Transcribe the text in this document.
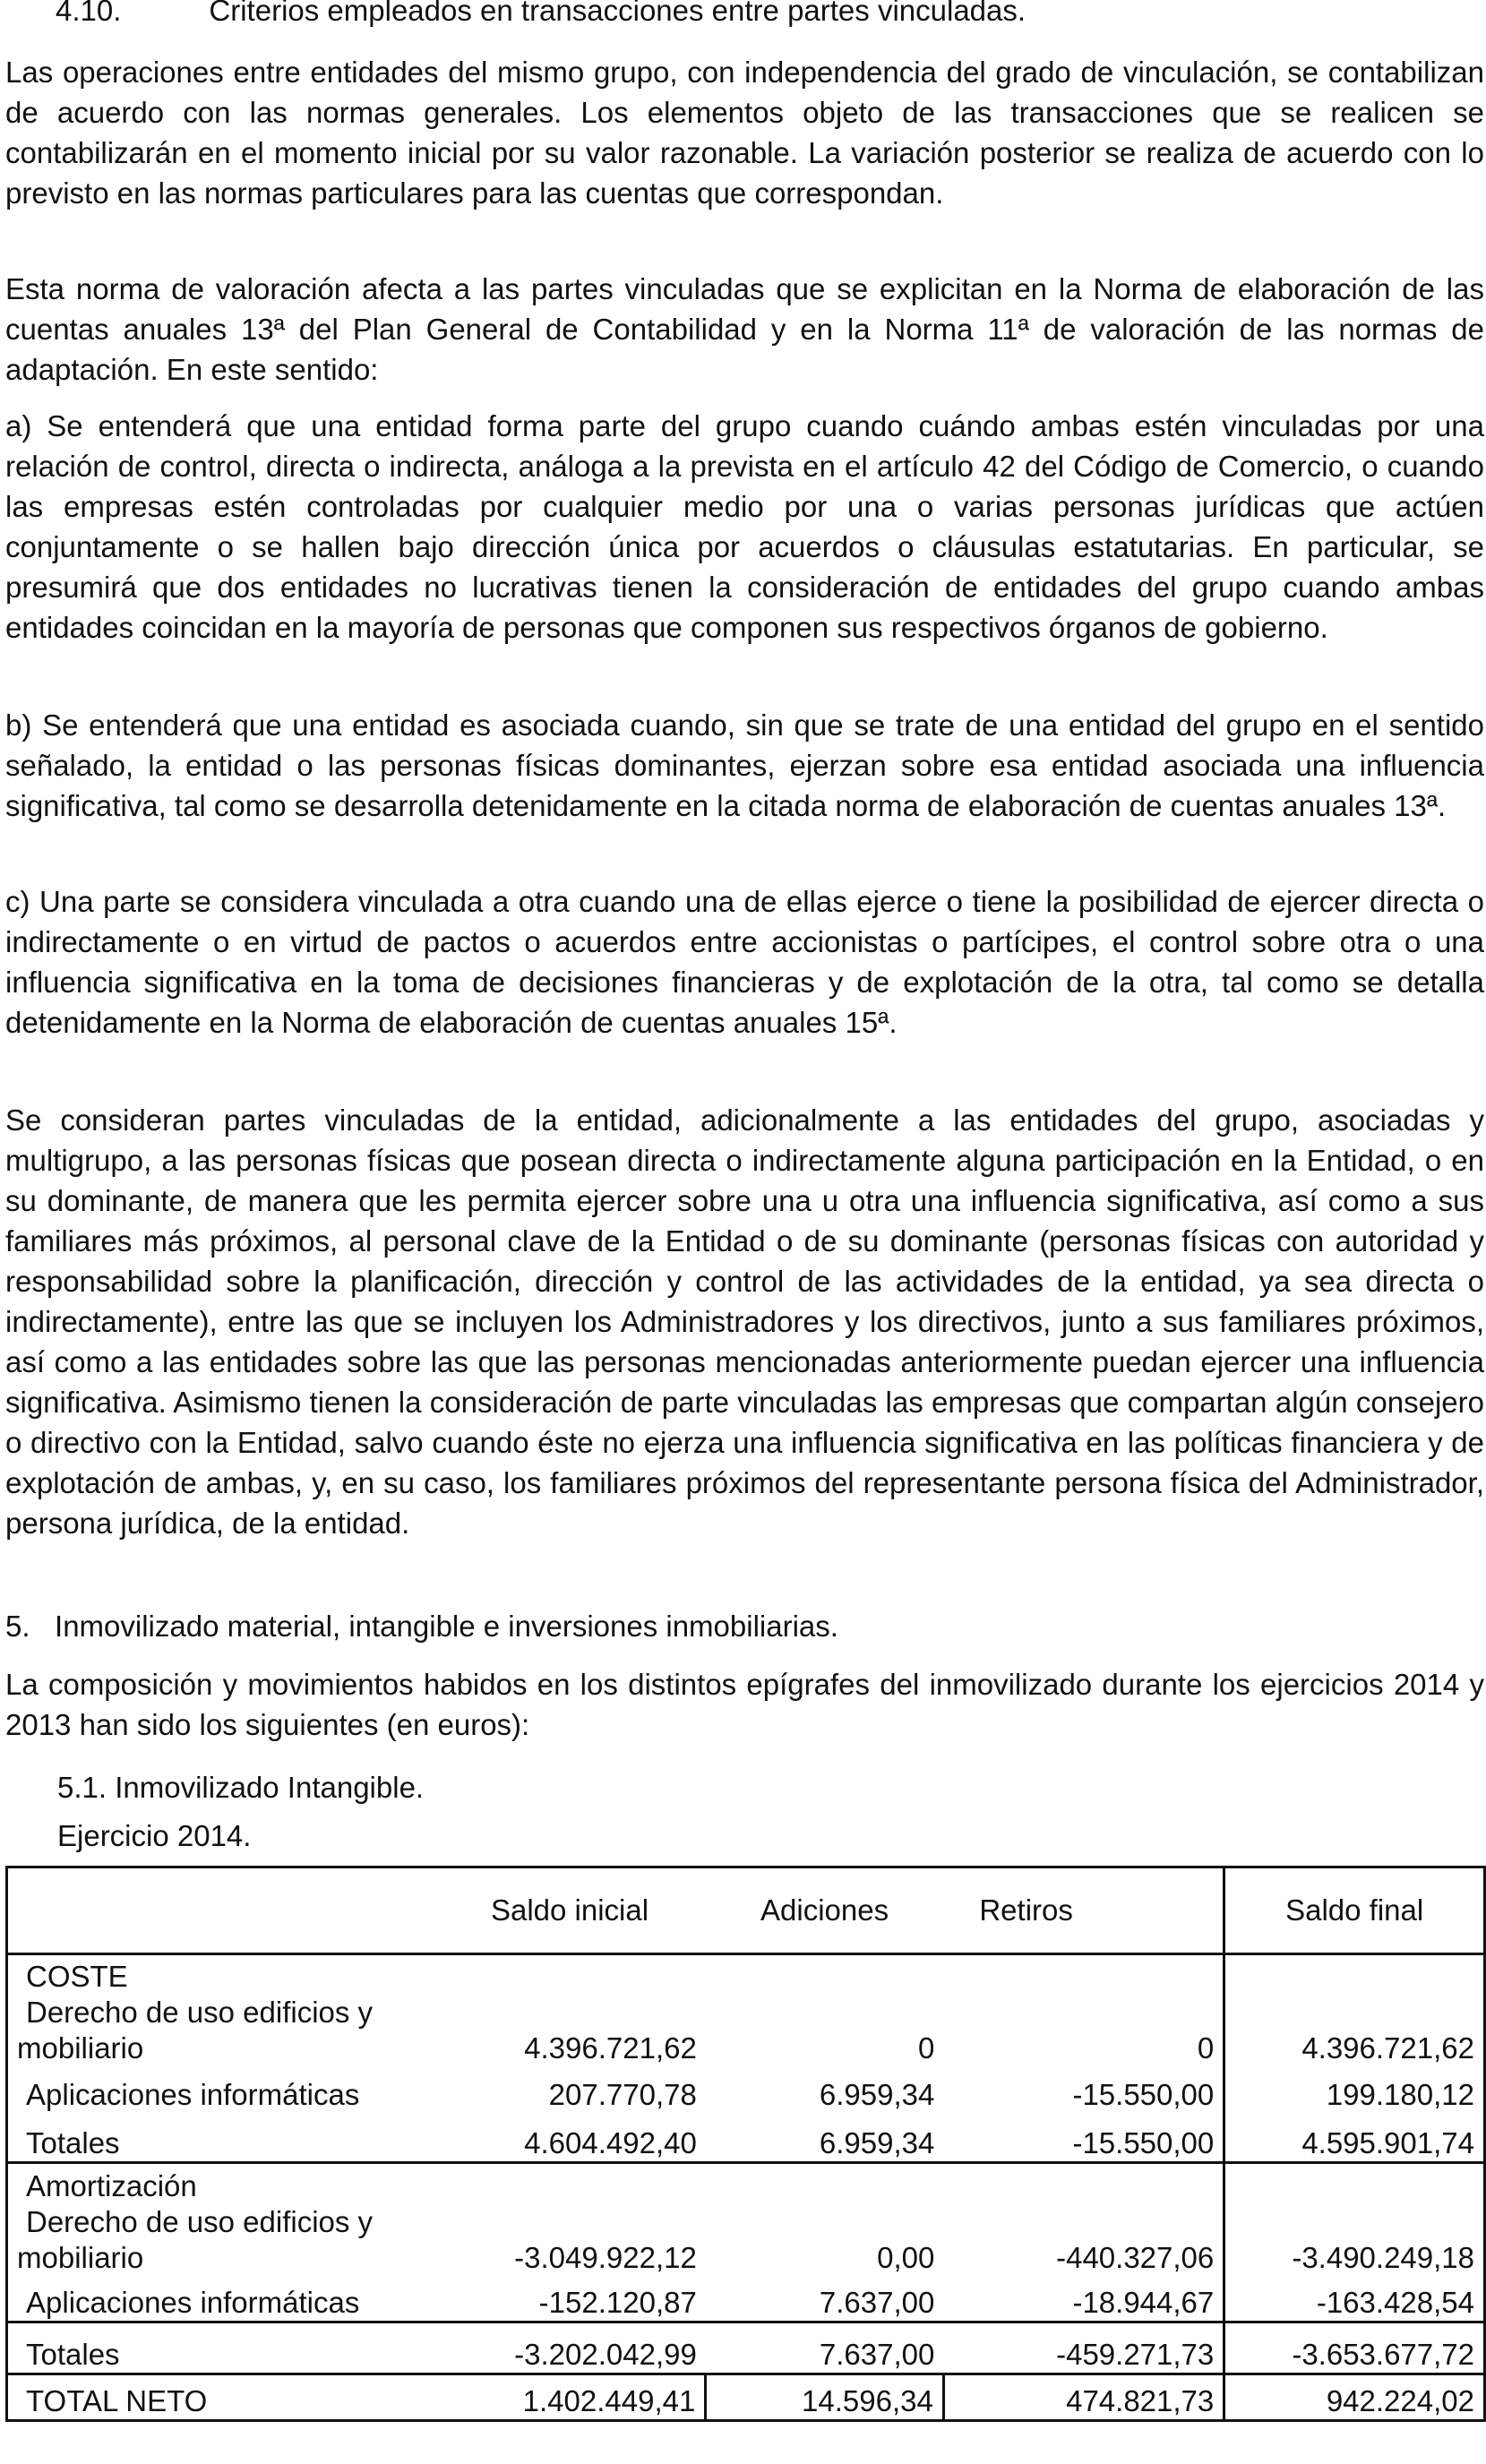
4.10.	Criterios empleados en transacciones entre partes vinculadas.

Las operaciones entre entidades del mismo grupo, con independencia del grado de vinculación, se contabilizan de acuerdo con las normas generales. Los elementos objeto de las transacciones que se realicen se contabilizarán en el momento inicial por su valor razonable. La variación posterior se realiza de acuerdo con lo previsto en las normas particulares para las cuentas que correspondan.

Esta norma de valoración afecta a las partes vinculadas que se explicitan en la Norma de elaboración de las cuentas anuales 13ª del Plan General de Contabilidad y en la Norma 11ª de valoración de las normas de adaptación. En este sentido:

a) Se entenderá que una entidad forma parte del grupo cuando cuándo ambas estén vinculadas por una relación de control, directa o indirecta, análoga a la prevista en el artículo 42 del Código de Comercio, o cuando las empresas estén controladas por cualquier medio por una o varias personas jurídicas que actúen conjuntamente o se hallen bajo dirección única por acuerdos o cláusulas estatutarias. En particular, se presumirá que dos entidades no lucrativas tienen la consideración de entidades del grupo cuando ambas entidades coincidan en la mayoría de personas que componen sus respectivos órganos de gobierno.

b) Se entenderá que una entidad es asociada cuando, sin que se trate de una entidad del grupo en el sentido señalado, la entidad o las personas físicas dominantes, ejerzan sobre esa entidad asociada una influencia significativa, tal como se desarrolla detenidamente en la citada norma de elaboración de cuentas anuales 13ª.

c) Una parte se considera vinculada a otra cuando una de ellas ejerce o tiene la posibilidad de ejercer directa o indirectamente o en virtud de pactos o acuerdos entre accionistas o partícipes, el control sobre otra o una influencia significativa en la toma de decisiones financieras y de explotación de la otra, tal como se detalla detenidamente en la Norma de elaboración de cuentas anuales 15ª.

Se consideran partes vinculadas de la entidad, adicionalmente a las entidades del grupo, asociadas y multigrupo, a las personas físicas que posean directa o indirectamente alguna participación en la Entidad, o en su dominante, de manera que les permita ejercer sobre una u otra una influencia significativa, así como a sus familiares más próximos, al personal clave de la Entidad o de su dominante (personas físicas con autoridad y responsabilidad sobre la planificación, dirección y control de las actividades de la entidad, ya sea directa o indirectamente), entre las que se incluyen los Administradores y los directivos, junto a sus familiares próximos, así como a las entidades sobre las que las personas mencionadas anteriormente puedan ejercer una influencia significativa. Asimismo tienen la consideración de parte vinculadas las empresas que compartan algún consejero o directivo con la Entidad, salvo cuando éste no ejerza una influencia significativa en las políticas financiera y de explotación de ambas, y, en su caso, los familiares próximos del representante persona física del Administrador, persona jurídica, de la entidad.

5.   Inmovilizado material, intangible e inversiones inmobiliarias.

La composición y movimientos habidos en los distintos epígrafes del inmovilizado durante los ejercicios 2014 y 2013 han sido los siguientes (en euros):

5.1. Inmovilizado Intangible.
Ejercicio 2014.
	Saldo inicial	Adiciones	Retiros	Saldo final
COSTE				

Derecho de uso edificios y
mobiliario	4.396.721,62	0	0	4.396.721,62
Aplicaciones informáticas	207.770,78	6.959,34	-15.550,00	199.180,12
Totales	4.604.492,40	6.959,34	-15.550,00	4.595.901,74
Amortización				

Derecho de uso edificios y
mobiliario	-3.049.922,12	0,00	-440.327,06	-3.490.249,18
Aplicaciones informáticas	-152.120,87	7.637,00	-18.944,67	-163.428,54
Totales	-3.202.042,99	7.637,00	-459.271,73	-3.653.677,72
TOTAL NETO	1.402.449,41	14.596,34	474.821,73	942.224,02
